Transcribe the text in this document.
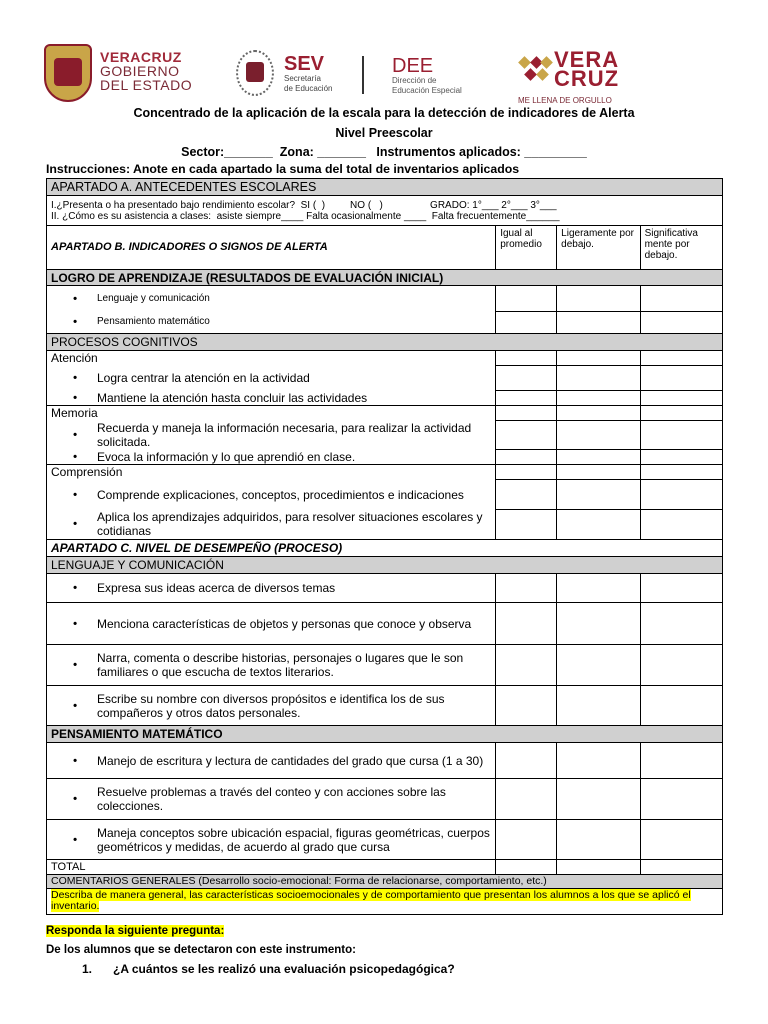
VERACRUZ
GOBIERNO
DEL ESTADO
SEV
Secretaría
de Educación
DEE
Dirección de
Educación Especial
VERA
CRUZ
ME LLENA DE ORGULLO
Concentrado de la aplicación de la escala para la detección de indicadores de Alerta
Nivel Preescolar
Sector:_______  Zona: _______   Instrumentos aplicados: _________
Instrucciones: Anote en cada apartado la suma del total de inventarios aplicados
APARTADO A. ANTECEDENTES ESCOLARES			

I.¿Presenta o ha presentado bajo rendimiento escolar?  SI (  )         NO (   )                 GRADO: 1°___ 2°___ 3°___
II. ¿Cómo es su asistencia a clases:  asiste siempre____ Falta ocasionalmente ____  Falta frecuentemente______			

APARTADO B. INDICADORES O SIGNOS DE ALERTA	Igual al promedio	Ligeramente por debajo.	Significativa mente por debajo.
LOGRO DE APRENDIZAJE (RESULTADOS DE EVALUACIÓN INICIAL)			
• Lenguaje y comunicación			
• Pensamiento matemático			
PROCESOS COGNITIVOS			
Atención			
• Logra centrar la atención en la actividad			
• Mantiene la atención hasta concluir las actividades			
Memoria			
• Recuerda y maneja la información necesaria, para realizar la actividad solicitada.			
• Evoca la información y lo que aprendió en clase.			
Comprensión			
• Comprende explicaciones, conceptos, procedimientos e indicaciones			
• Aplica los aprendizajes adquiridos, para resolver situaciones escolares y cotidianas			
APARTADO C. NIVEL DE DESEMPEÑO (PROCESO)			
LENGUAJE Y COMUNICACIÓN			
• Expresa sus ideas acerca de diversos temas			
• Menciona características de objetos y personas que conoce y observa			
• Narra, comenta o describe historias, personajes o lugares que le son familiares o que escucha de textos literarios.			
• Escribe su nombre con diversos propósitos e identifica los de sus compañeros y otros datos personales.			
PENSAMIENTO MATEMÁTICO			
• Manejo de escritura y lectura de cantidades del grado que cursa (1 a 30)			
• Resuelve problemas a través del conteo y con acciones sobre las colecciones.			
• Maneja conceptos sobre ubicación espacial, figuras geométricas, cuerpos geométricos y medidas, de acuerdo al grado que cursa			
TOTAL			
COMENTARIOS GENERALES (Desarrollo socio-emocional: Forma de relacionarse, comportamiento, etc.)			
Describa de manera general, las características socioemocionales y de comportamiento que presentan los alumnos a los que se aplicó el inventario.			
Responda la siguiente pregunta:
De los alumnos que se detectaron con este instrumento:
1. ¿A cuántos se les realizó una evaluación psicopedagógica?
